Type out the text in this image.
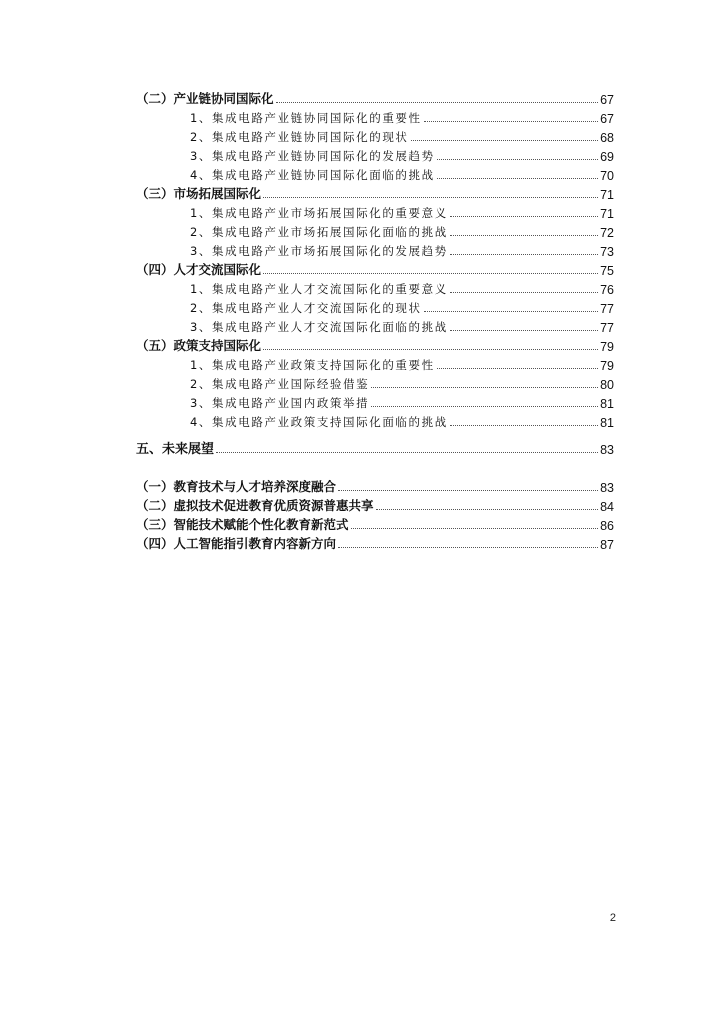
（二）产业链协同国际化	67
1、集成电路产业链协同国际化的重要性	67
2、集成电路产业链协同国际化的现状	68
3、集成电路产业链协同国际化的发展趋势	69
4、集成电路产业链协同国际化面临的挑战	70
（三）市场拓展国际化	71
1、集成电路产业市场拓展国际化的重要意义	71
2、集成电路产业市场拓展国际化面临的挑战	72
3、集成电路产业市场拓展国际化的发展趋势	73
（四）人才交流国际化	75
1、集成电路产业人才交流国际化的重要意义	76
2、集成电路产业人才交流国际化的现状	77
3、集成电路产业人才交流国际化面临的挑战	77
（五）政策支持国际化	79
1、集成电路产业政策支持国际化的重要性	79
2、集成电路产业国际经验借鉴	80
3、集成电路产业国内政策举措	81
4、集成电路产业政策支持国际化面临的挑战	81
五、未来展望	83
（一）教育技术与人才培养深度融合	83
（二）虚拟技术促进教育优质资源普惠共享	84
（三）智能技术赋能个性化教育新范式	86
（四）人工智能指引教育内容新方向	87
2
